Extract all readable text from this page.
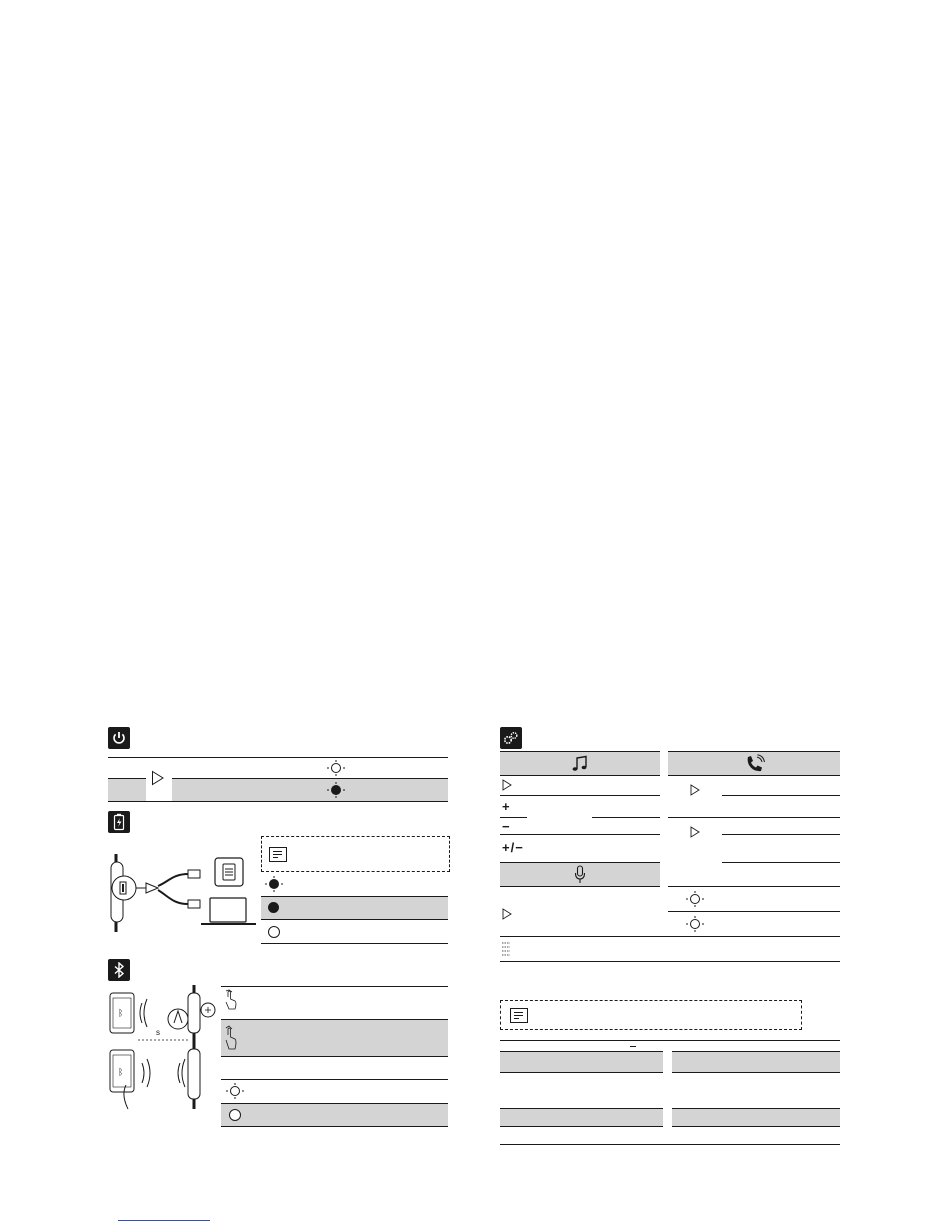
s
ᛒ
ᛒ
+
−
+/−
